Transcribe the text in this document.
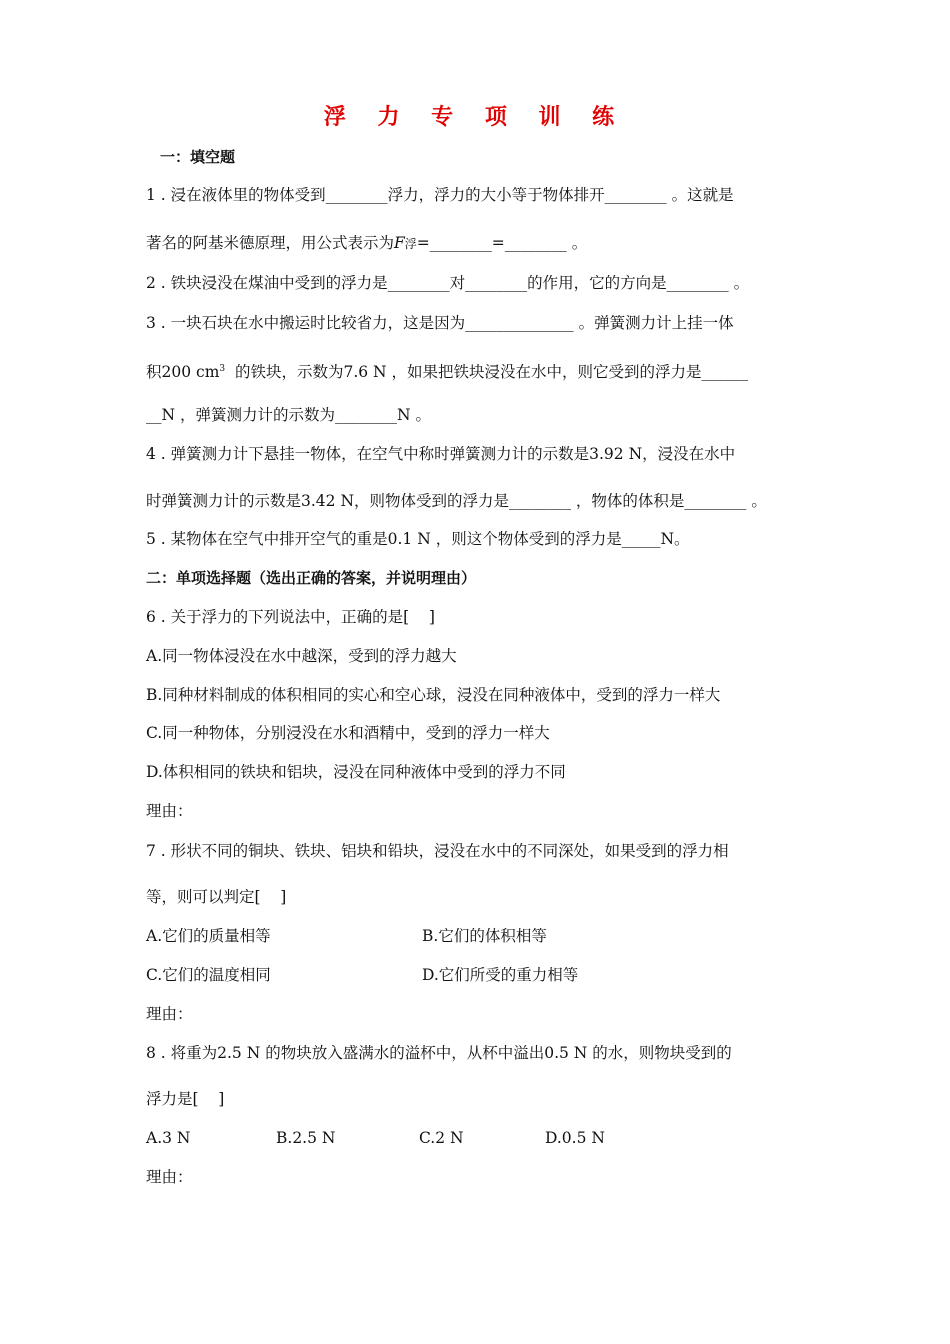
浮 力 专 项 训 练
一：填空题
1 . 浸在液体里的物体受到________浮力，浮力的大小等于物体排开________ 。这就是
著名的阿基米德原理，用公式表示为F浮=________=________ 。
2 . 铁块浸没在煤油中受到的浮力是________对________的作用，它的方向是________ 。
3 . 一块石块在水中搬运时比较省力，这是因为______________ 。弹簧测力计上挂一体
积200 $cm^3$  的铁块，示数为7.6 N ，如果把铁块浸没在水中，则它受到的浮力是______
__N ，弹簧测力计的示数为________N 。
4 . 弹簧测力计下悬挂一物体，在空气中称时弹簧测力计的示数是3.92 N，浸没在水中
时弹簧测力计的示数是3.42 N，则物体受到的浮力是________ ，物体的体积是________ 。
5 . 某物体在空气中排开空气的重是0.1 N ，则这个物体受到的浮力是_____N。
二：单项选择题（选出正确的答案，并说明理由）
6 . 关于浮力的下列说法中，正确的是[    ]
A.同一物体浸没在水中越深，受到的浮力越大
B.同种材料制成的体积相同的实心和空心球，浸没在同种液体中，受到的浮力一样大
C.同一种物体，分别浸没在水和酒精中，受到的浮力一样大
D.体积相同的铁块和铝块，浸没在同种液体中受到的浮力不同
理由：
7 . 形状不同的铜块、铁块、铝块和铅块，浸没在水中的不同深处，如果受到的浮力相
等，则可以判定[    ]
A.它们的质量相等	B.它们的体积相等
C.它们的温度相同	D.它们所受的重力相等
理由：
8 . 将重为2.5 N 的物块放入盛满水的溢杯中，从杯中溢出0.5 N 的水，则物块受到的
浮力是[    ]
A.3 N	B.2.5 N	C.2 N	D.0.5 N
理由：
